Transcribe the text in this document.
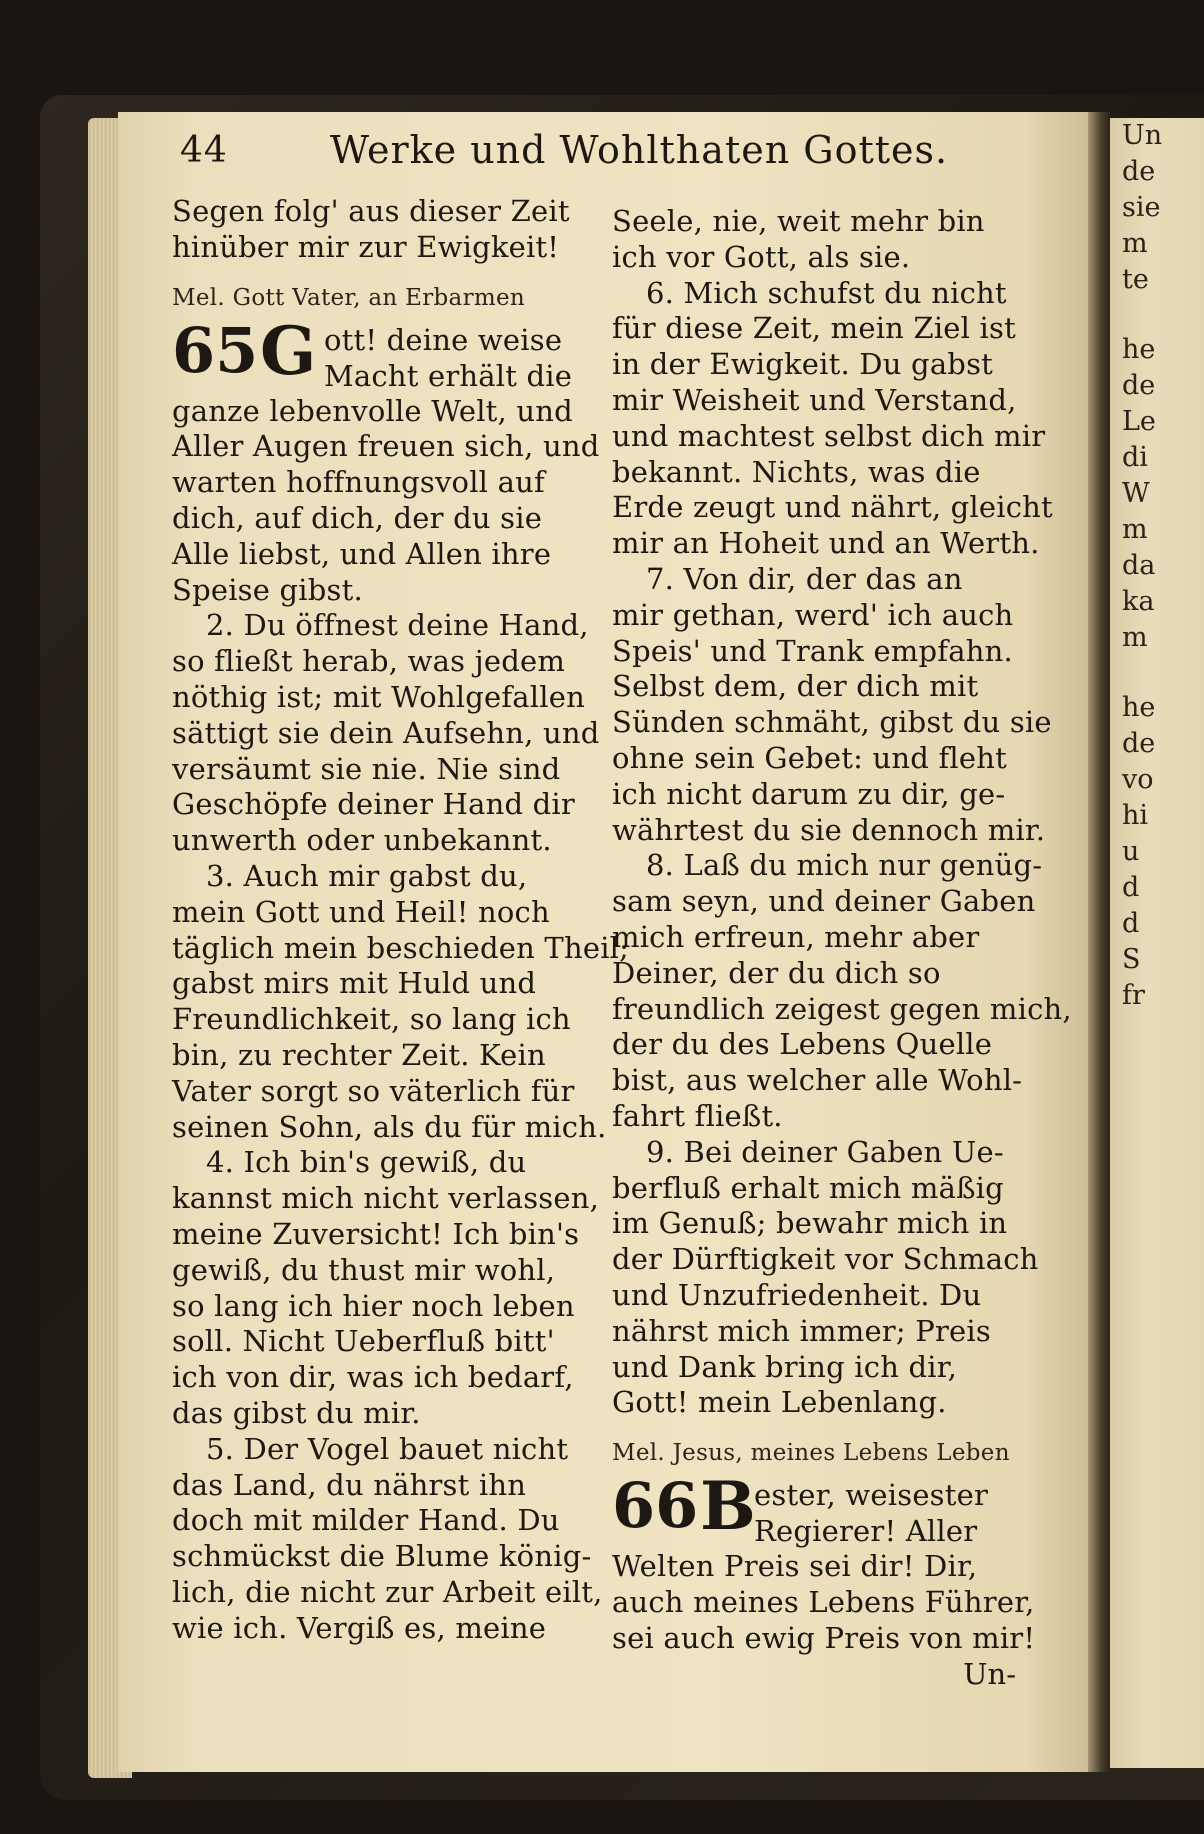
44	Werke und Wohlthaten Gottes.
Segen folg' aus dieser Zeit
hinüber mir zur Ewigkeit!
Mel. Gott Vater, an Erbarmen
65 G ott! deine weise
Macht erhält die
ganze lebenvolle Welt, und
Aller Augen freuen sich, und
warten hoffnungsvoll auf
dich, auf dich, der du sie
Alle liebst, und Allen ihre
Speise gibst.
2. Du öffnest deine Hand,
so fließt herab, was jedem
nöthig ist; mit Wohlgefallen
sättigt sie dein Aufsehn, und
versäumt sie nie. Nie sind
Geschöpfe deiner Hand dir
unwerth oder unbekannt.
3. Auch mir gabst du,
mein Gott und Heil! noch
täglich mein beschieden Theil;
gabst mirs mit Huld und
Freundlichkeit, so lang ich
bin, zu rechter Zeit. Kein
Vater sorgt so väterlich für
seinen Sohn, als du für mich.
4. Ich bin's gewiß, du
kannst mich nicht verlassen,
meine Zuversicht! Ich bin's
gewiß, du thust mir wohl,
so lang ich hier noch leben
soll. Nicht Ueberfluß bitt'
ich von dir, was ich bedarf,
das gibst du mir.
5. Der Vogel bauet nicht
das Land, du nährst ihn
doch mit milder Hand. Du
schmückst die Blume könig-
lich, die nicht zur Arbeit eilt,
wie ich. Vergiß es, meine
Seele, nie, weit mehr bin
ich vor Gott, als sie.
6. Mich schufst du nicht
für diese Zeit, mein Ziel ist
in der Ewigkeit. Du gabst
mir Weisheit und Verstand,
und machtest selbst dich mir
bekannt. Nichts, was die
Erde zeugt und nährt, gleicht
mir an Hoheit und an Werth.
7. Von dir, der das an
mir gethan, werd' ich auch
Speis' und Trank empfahn.
Selbst dem, der dich mit
Sünden schmäht, gibst du sie
ohne sein Gebet: und fleht
ich nicht darum zu dir, ge-
währtest du sie dennoch mir.
8. Laß du mich nur genüg-
sam seyn, und deiner Gaben
mich erfreun, mehr aber
Deiner, der du dich so
freundlich zeigest gegen mich,
der du des Lebens Quelle
bist, aus welcher alle Wohl-
fahrt fließt.
9. Bei deiner Gaben Ue-
berfluß erhalt mich mäßig
im Genuß; bewahr mich in
der Dürftigkeit vor Schmach
und Unzufriedenheit. Du
nährst mich immer; Preis
und Dank bring ich dir,
Gott! mein Lebenlang.
Mel. Jesus, meines Lebens Leben
66 B
ester, weisester
Regierer! Aller
Welten Preis sei dir! Dir,
auch meines Lebens Führer,
sei auch ewig Preis von mir!
Un-
Un
de
sie
m
te
he
de
Le
di
W
m
da
ka
m
he
de
vo
hi
u
d
d
S
fr
